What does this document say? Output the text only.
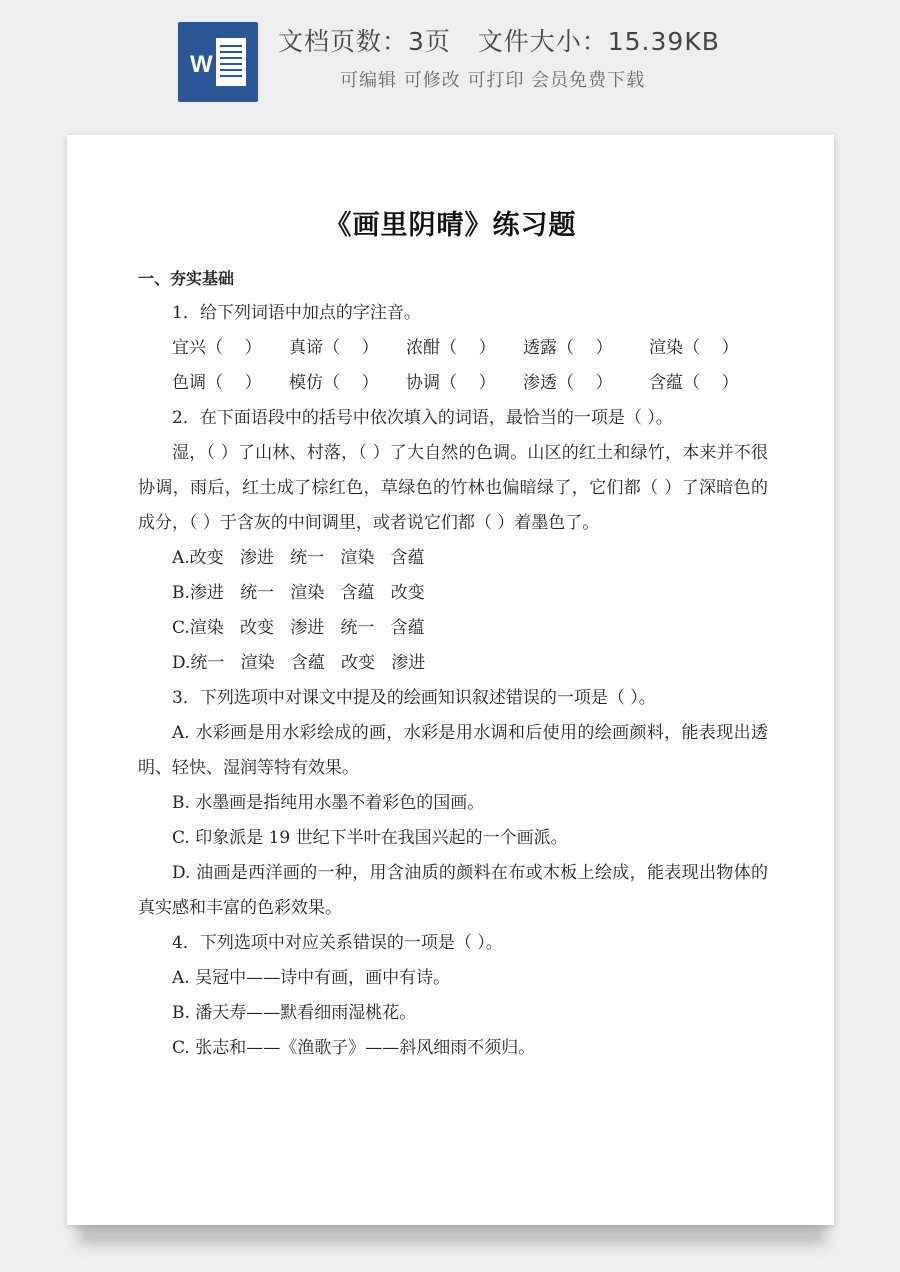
W
文档页数：3页   文件大小：15.39KB
可编辑 可修改 可打印 会员免费下载
《画里阴晴》练习题
一、夯实基础
1．给下列词语中加点的字注音。
宜兴（    ）	真谛（    ）	浓酣（    ）	透露（    ）	渲染（    ）
色调（    ）	模仿（    ）	协调（    ）	渗透（    ）	含蕴（    ）
2．在下面语段中的括号中依次填入的词语，最恰当的一项是（ ）。
湿，（ ）了山林、村落，（ ）了大自然的色调。山区的红土和绿竹，本来并不很协调，雨后，红土成了棕红色，草绿色的竹林也偏暗绿了，它们都（ ）了深暗色的成分，（ ）于含灰的中间调里，或者说它们都（ ）着墨色了。
A.改变   渗进   统一   渲染   含蕴
B.渗进   统一   渲染   含蕴   改变
C.渲染   改变   渗进   统一   含蕴
D.统一   渲染   含蕴   改变   渗进
3．下列选项中对课文中提及的绘画知识叙述错误的一项是（ ）。
A. 水彩画是用水彩绘成的画，水彩是用水调和后使用的绘画颜料，能表现出透明、轻快、湿润等特有效果。
B. 水墨画是指纯用水墨不着彩色的国画。
C. 印象派是 19 世纪下半叶在我国兴起的一个画派。
D. 油画是西洋画的一种，用含油质的颜料在布或木板上绘成，能表现出物体的真实感和丰富的色彩效果。
4．下列选项中对应关系错误的一项是（ ）。
A. 吴冠中——诗中有画，画中有诗。
B. 潘天寿——默看细雨湿桃花。
C. 张志和——《渔歌子》——斜风细雨不须归。
